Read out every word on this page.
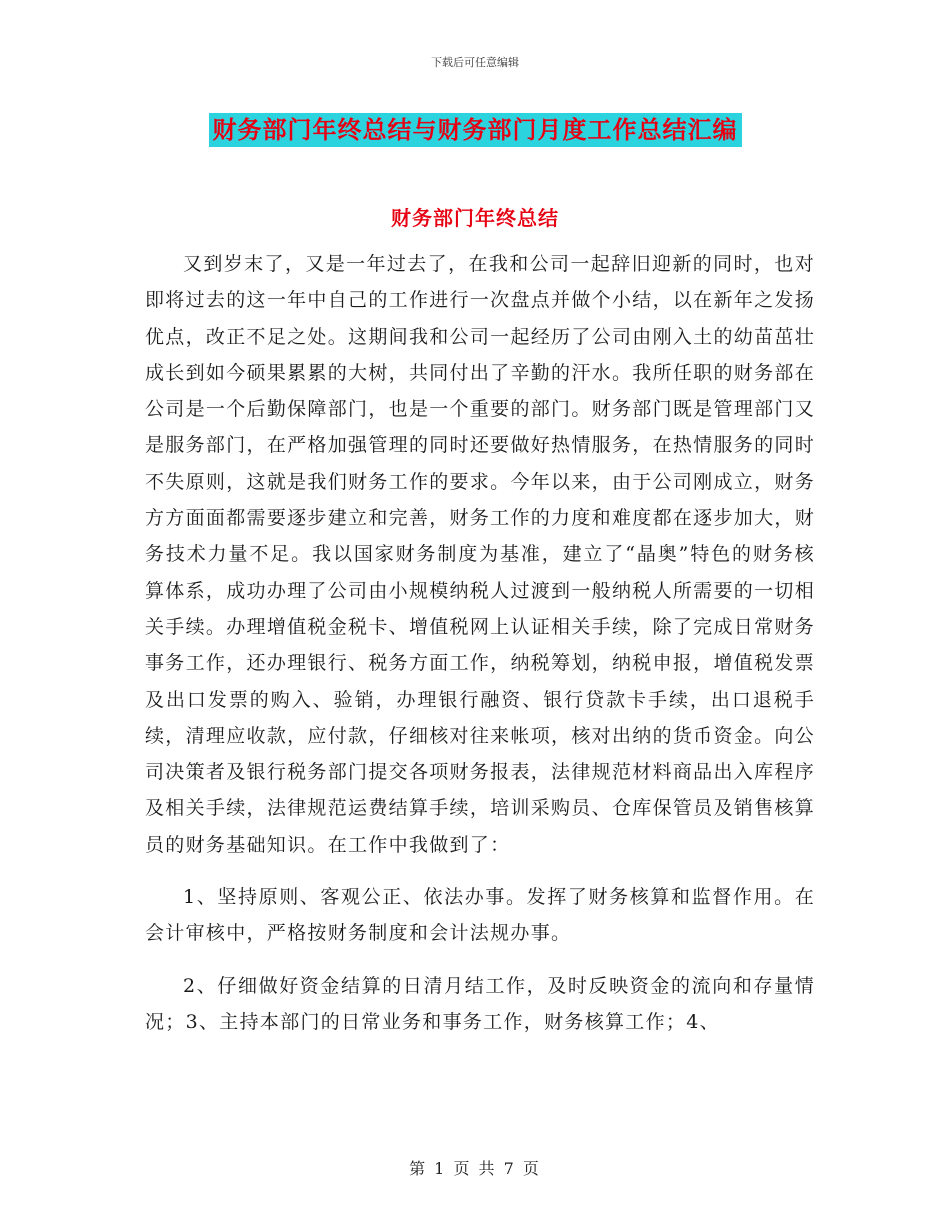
下载后可任意编辑
财务部门年终总结与财务部门月度工作总结汇编
财务部门年终总结

又到岁末了，又是一年过去了，在我和公司一起辞旧迎新的同时，也对即将过去的这一年中自己的工作进行一次盘点并做个小结，以在新年之发扬优点，改正不足之处。这期间我和公司一起经历了公司由刚入土的幼苗茁壮成长到如今硕果累累的大树，共同付出了辛勤的汗水。我所任职的财务部在公司是一个后勤保障部门，也是一个重要的部门。财务部门既是管理部门又是服务部门，在严格加强管理的同时还要做好热情服务，在热情服务的同时不失原则，这就是我们财务工作的要求。今年以来，由于公司刚成立，财务方方面面都需要逐步建立和完善，财务工作的力度和难度都在逐步加大，财务技术力量不足。我以国家财务制度为基准，建立了“晶奥”特色的财务核算体系，成功办理了公司由小规模纳税人过渡到一般纳税人所需要的一切相关手续。办理增值税金税卡、增值税网上认证相关手续，除了完成日常财务事务工作，还办理银行、税务方面工作，纳税筹划，纳税申报，增值税发票及出口发票的购入、验销，办理银行融资、银行贷款卡手续，出口退税手续，清理应收款，应付款，仔细核对往来帐项，核对出纳的货币资金。向公司决策者及银行税务部门提交各项财务报表，法律规范材料商品出入库程序及相关手续，法律规范运费结算手续，培训采购员、仓库保管员及销售核算员的财务基础知识。在工作中我做到了：

1、坚持原则、客观公正、依法办事。发挥了财务核算和监督作用。在会计审核中，严格按财务制度和会计法规办事。

2、仔细做好资金结算的日清月结工作，及时反映资金的流向和存量情况；3、主持本部门的日常业务和事务工作，财务核算工作；4、

第 1 页 共 7 页
